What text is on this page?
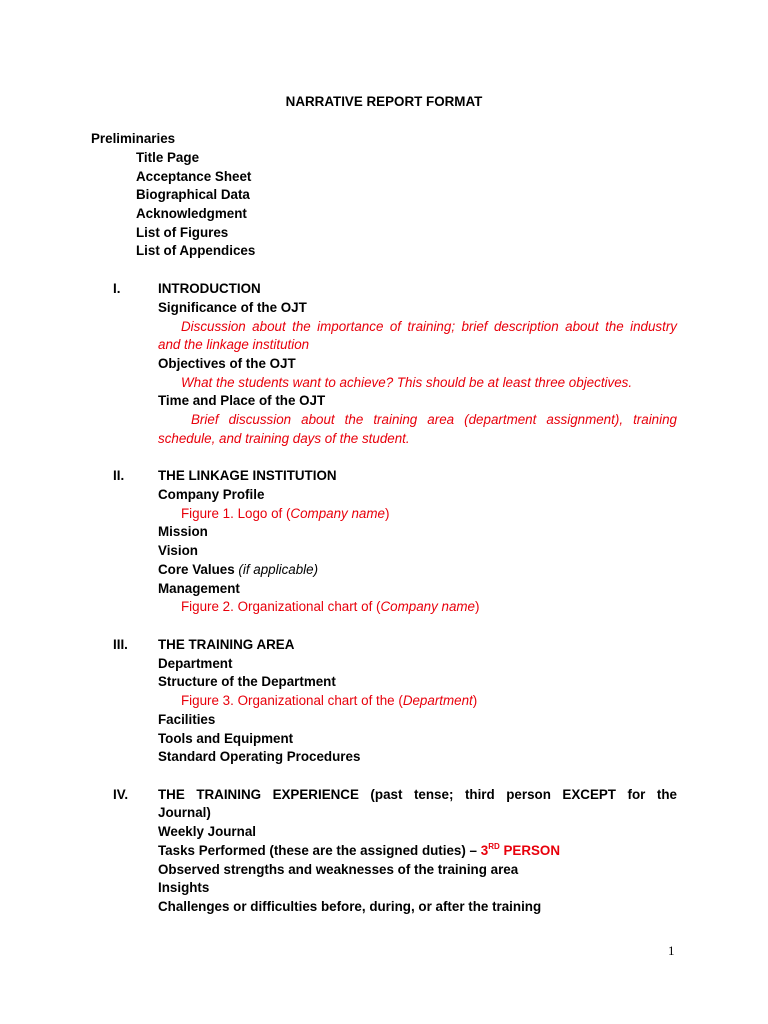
NARRATIVE REPORT FORMAT
Preliminaries
Title Page
Acceptance Sheet
Biographical Data
Acknowledgment
List of Figures
List of Appendices
I.	INTRODUCTION
Significance of the OJT
Discussion about the importance of training; brief description about the industry
and the linkage institution
Objectives of the OJT
What the students want to achieve? This should be at least three objectives.
Time and Place of the OJT
Brief discussion about the training area (department assignment), training
schedule, and training days of the student.
II.	THE LINKAGE INSTITUTION
Company Profile
Figure 1. Logo of (Company name)
Mission
Vision
Core Values (if applicable)
Management
Figure 2. Organizational chart of (Company name)
III. THE TRAINING AREA
Department
Structure of the Department
Figure 3. Organizational chart of the (Department)
Facilities
Tools and Equipment
Standard Operating Procedures
IV. THE TRAINING EXPERIENCE (past tense; third person EXCEPT for the
Journal)
Weekly Journal
Tasks Performed (these are the assigned duties) – 3RD PERSON
Observed strengths and weaknesses of the training area
Insights
Challenges or difficulties before, during, or after the training
1
